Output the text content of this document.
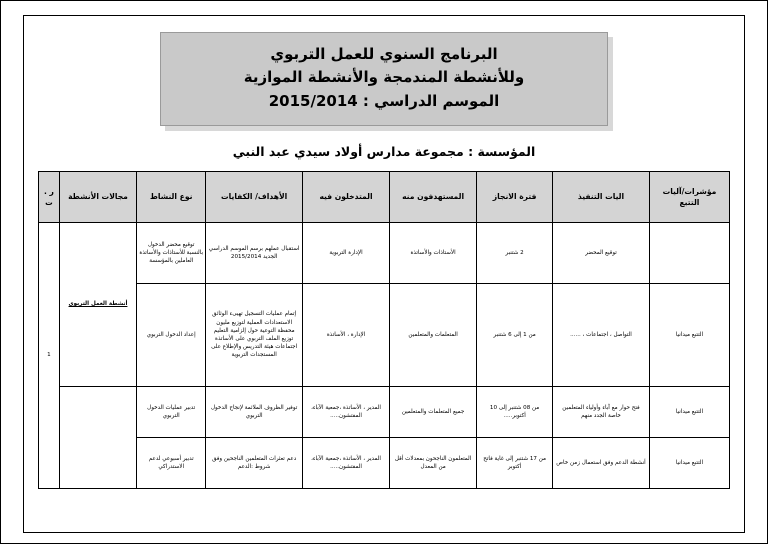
البرنامج السنوي للعمل التربوي
وللأنشطة المندمجة والأنشطة الموازية
الموسم الدراسي : 2015/2014
المؤسسة : مجموعة مدارس أولاد سيدي عبد النبي
مؤشرات/آليات التتبع	اليات التنفيذ	فترة الانجاز	المستهدفون منه	المتدخلون فيه	الأهداف/ الكفايات	نوع النشاط	مجالات الأنشطة	ر . ت
	توقيع المحضر	2 شتنبر	الأستاذات والأساتذة	الإدارة التربوية	استقبال عملهم برسم الموسم الدراسي الجديد 2015/2014	توقيع محضر الدخول بالنسبة للأستاذات والأساتذة العاملين بالمؤسسة	أنشطة العمل التربوي	1
التتبع ميدانيا	التواصل ، اجتماعات ، ......	من 1 إلى 6 شتنبر	المتعلمات والمتعلمين	الإدارة ، الأساتذة	إتمام عمليات التسجيل تهيىء الوثائق الاستعدادات العملية لتوزيع مليون محفظة التوعية حول إلزامية التعليم توزيع الملف التربوي على الأساتذة اجتماعات هيئة التدريس والإطلاع على المستجدات التربوية	إعداد الدخول التربوي		
التتبع ميدانيا	فتح حوار مع آباء وأولياء المتعلمين خاصة الجدد منهم	من 08 شتنبر إلى 10 أكتوبر.....	جميع المتعلمات والمتعلمين	المدير ، الأساتذة ،جمعية الآباء، المفتشون.....	توفير الظروف الملائمة لإنجاح الدخول التربوي	تدبير عمليات الدخول التربوي		
التتبع ميدانيا	أنشطة الدعم وفق استعمال زمن خاص	من 17 شتنبر إلى غاية فاتح أكتوبر	المتعلمون الناجحون بمعدلات أقل من المعدل	المدير ، الأساتذة ،جمعية الآباء، المفتشون.....	دعم تعثرات المتعلمين الناجحين وفق شروط :الدعم	تدبير أسبوعي لدعم الاستدراكي		
